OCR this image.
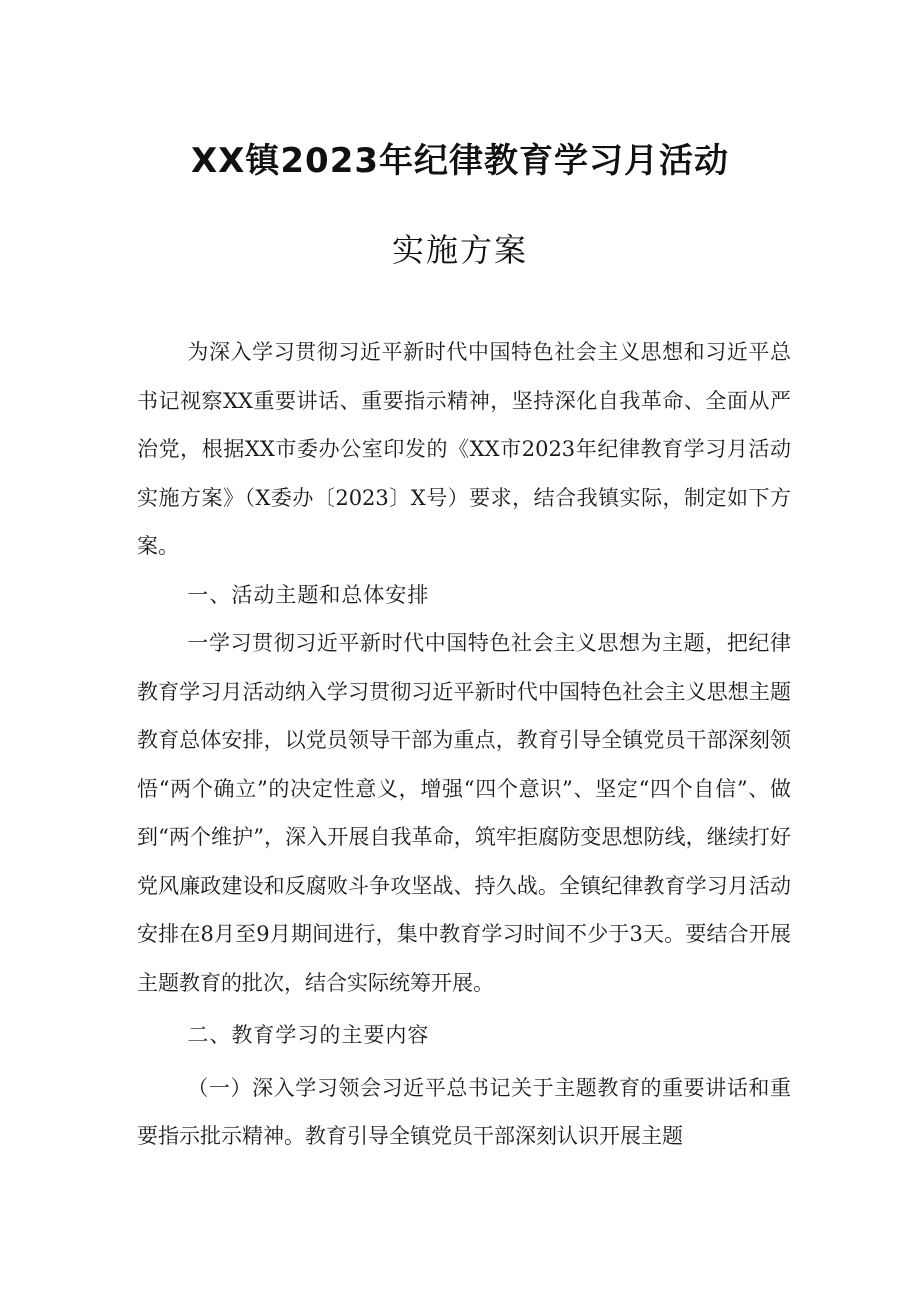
XX镇2023年纪律教育学习月活动
实施方案

为深入学习贯彻习近平新时代中国特色社会主义思想和习近平总书记视察XX重要讲话、重要指示精神，坚持深化自我革命、全面从严治党，根据XX市委办公室印发的《XX市2023年纪律教育学习月活动实施方案》（X委办〔2023〕X号）要求，结合我镇实际，制定如下方案。

一、活动主题和总体安排

一学习贯彻习近平新时代中国特色社会主义思想为主题，把纪律教育学习月活动纳入学习贯彻习近平新时代中国特色社会主义思想主题教育总体安排，以党员领导干部为重点，教育引导全镇党员干部深刻领悟“两个确立”的决定性意义，增强“四个意识”、坚定“四个自信”、做到“两个维护”，深入开展自我革命，筑牢拒腐防变思想防线，继续打好党风廉政建设和反腐败斗争攻坚战、持久战。全镇纪律教育学习月活动安排在8月至9月期间进行，集中教育学习时间不少于3天。要结合开展主题教育的批次，结合实际统筹开展。

二、教育学习的主要内容

（一）深入学习领会习近平总书记关于主题教育的重要讲话和重要指示批示精神。教育引导全镇党员干部深刻认识开展主题
